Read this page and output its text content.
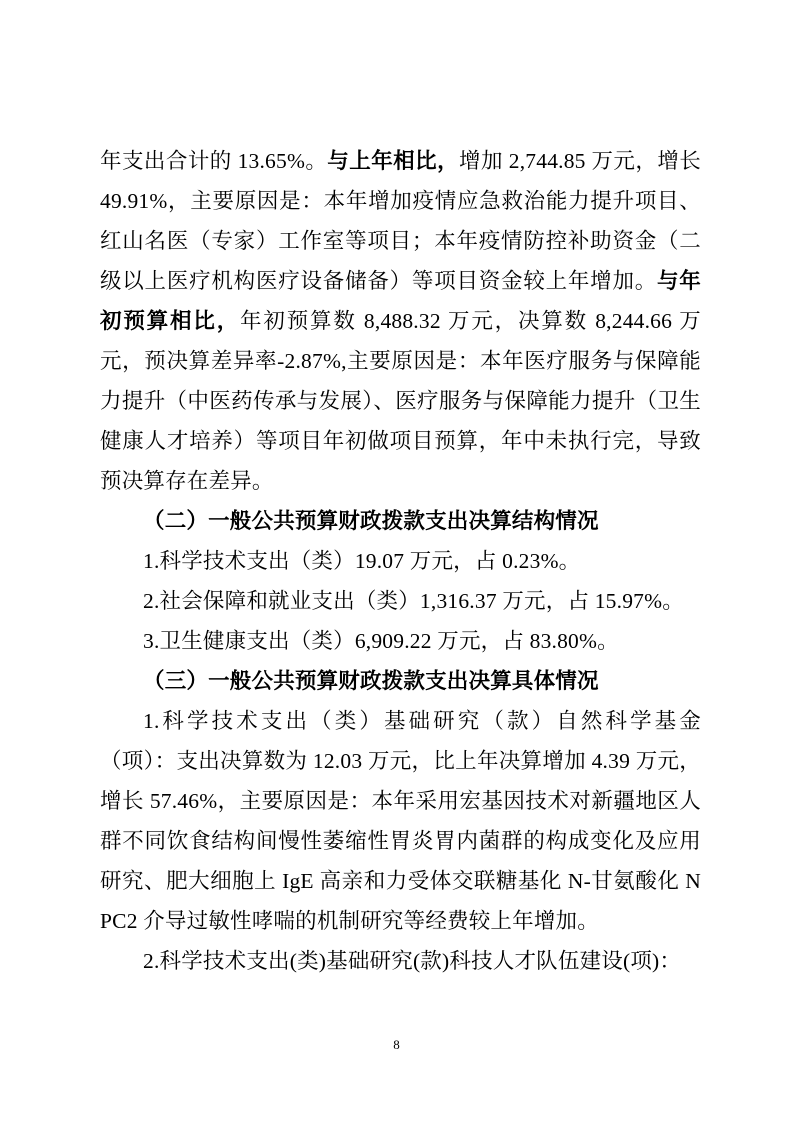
年支出合计的 13.65%。与上年相比，增加 2,744.85 万元，增长 49.91%，主要原因是：本年增加疫情应急救治能力提升项目、红山名医（专家）工作室等项目；本年疫情防控补助资金（二级以上医疗机构医疗设备储备）等项目资金较上年增加。与年初预算相比，年初预算数 8,488.32 万元，决算数 8,244.66 万元，预决算差异率-2.87%,主要原因是：本年医疗服务与保障能力提升（中医药传承与发展）、医疗服务与保障能力提升（卫生健康人才培养）等项目年初做项目预算，年中未执行完，导致预决算存在差异。
（二）一般公共预算财政拨款支出决算结构情况
1.科学技术支出（类）19.07 万元，占 0.23%。
2.社会保障和就业支出（类）1,316.37 万元，占 15.97%。
3.卫生健康支出（类）6,909.22 万元，占 83.80%。
（三）一般公共预算财政拨款支出决算具体情况
1.科学技术支出（类）基础研究（款）自然科学基金（项）：支出决算数为 12.03 万元，比上年决算增加 4.39 万元，增长 57.46%，主要原因是：本年采用宏基因技术对新疆地区人群不同饮食结构间慢性萎缩性胃炎胃内菌群的构成变化及应用研究、肥大细胞上 IgE 高亲和力受体交联糖基化 N-甘氨酸化 NPC2 介导过敏性哮喘的机制研究等经费较上年增加。
2.科学技术支出(类)基础研究(款)科技人才队伍建设(项)：
8
